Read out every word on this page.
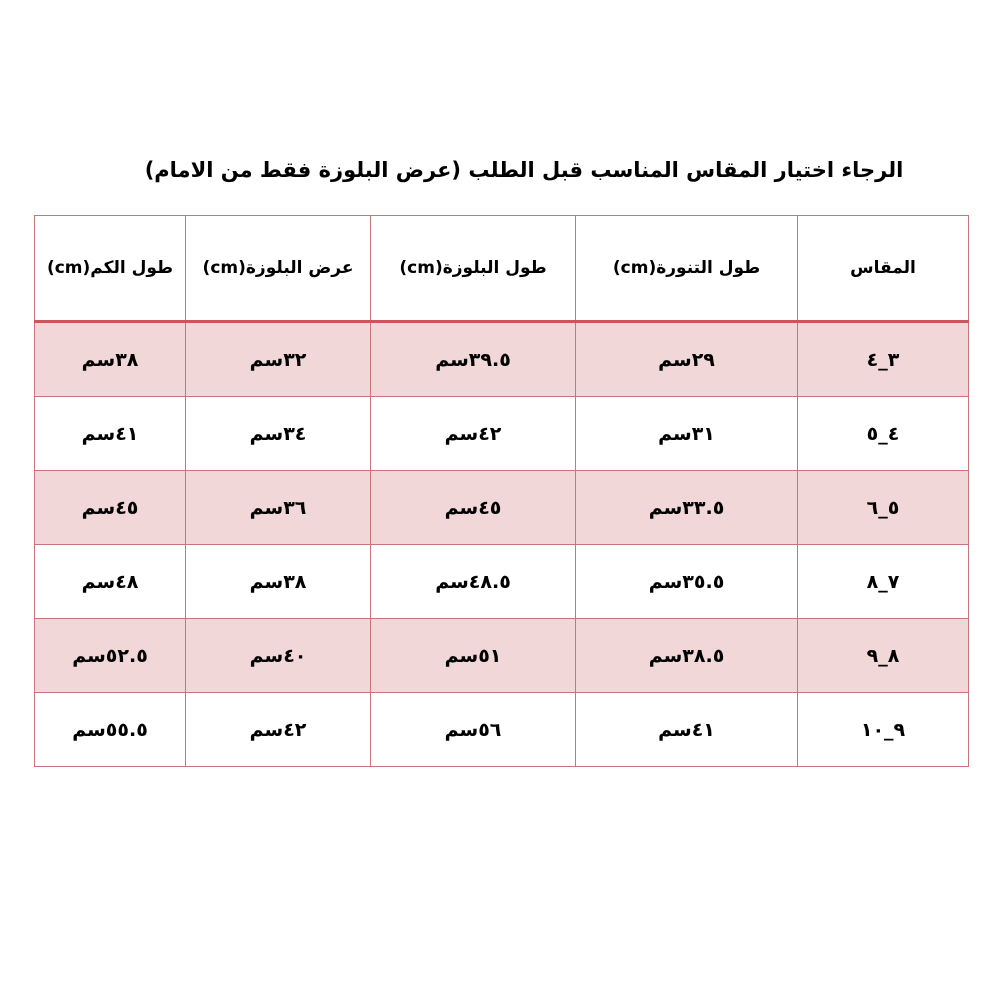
الرجاء اختيار المقاس المناسب قبل الطلب (عرض البلوزة فقط من الامام)
المقاس	طول التنورة(cm)	طول البلوزة(cm)	عرض البلوزة(cm)	طول الكم(cm)
٣_٤	٢٩سم	٣٩.٥سم	٣٢سم	٣٨سم
٤_٥	٣١سم	٤٢سم	٣٤سم	٤١سم
٥_٦	٣٣.٥سم	٤٥سم	٣٦سم	٤٥سم
٧_٨	٣٥.٥سم	٤٨.٥سم	٣٨سم	٤٨سم
٨_٩	٣٨.٥سم	٥١سم	٤٠سم	٥٢.٥سم
٩_١٠	٤١سم	٥٦سم	٤٢سم	٥٥.٥سم
